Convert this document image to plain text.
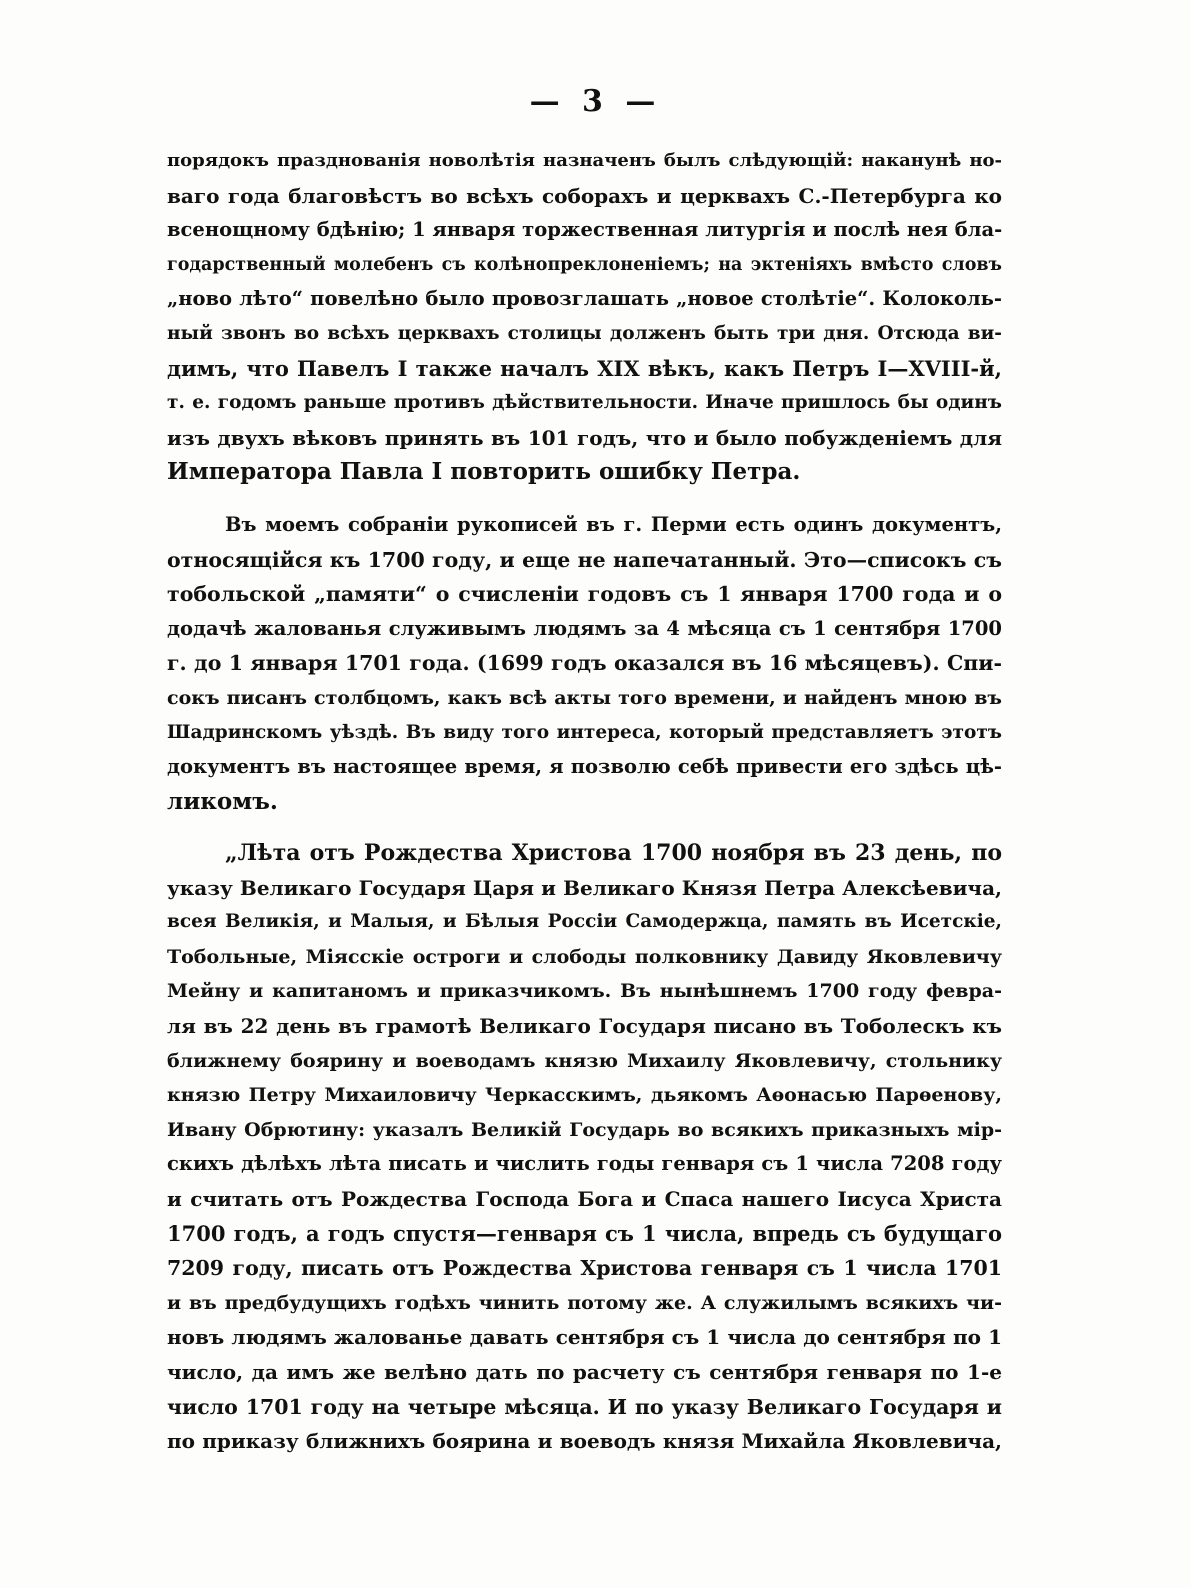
— 3 —
порядокъ празднованія новолѣтія назначенъ былъ слѣдующій: наканунѣ но-
ваго года благовѣстъ во всѣхъ соборахъ и церквахъ С.-Петербурга ко
всенощному бдѣнію; 1 января торжественная литургія и послѣ нея бла-
годарственный молебенъ съ колѣнопреклоненіемъ; на эктеніяхъ вмѣсто словъ
„ново лѣто“ повелѣно было провозглашать „новое столѣтіе“. Колоколь-
ный звонъ во всѣхъ церквахъ столицы долженъ быть три дня. Отсюда ви-
димъ, что Павелъ I также началъ XIX вѣкъ, какъ Петръ I—XVIII-й,
т. е. годомъ раньше противъ дѣйствительности. Иначе пришлось бы одинъ
изъ двухъ вѣковъ принять въ 101 годъ, что и было побужденіемъ для
Императора Павла I повторить ошибку Петра.
Въ моемъ собраніи рукописей въ г. Перми есть одинъ документъ,
относящійся къ 1700 году, и еще не напечатанный. Это—списокъ съ
тобольской „памяти“ о счисленіи годовъ съ 1 января 1700 года и о
додачѣ жалованья служивымъ людямъ за 4 мѣсяца съ 1 сентября 1700
г. до 1 января 1701 года. (1699 годъ оказался въ 16 мѣсяцевъ). Спи-
сокъ писанъ столбцомъ, какъ всѣ акты того времени, и найденъ мною въ
Шадринскомъ уѣздѣ. Въ виду того интереса, который представляетъ этотъ
документъ въ настоящее время, я позволю себѣ привести его здѣсь цѣ-
ликомъ.
„Лѣта отъ Рождества Христова 1700 ноября въ 23 день, по
указу Великаго Государя Царя и Великаго Князя Петра Алексѣевича,
всея Великія, и Малыя, и Бѣлыя Россіи Самодержца, память въ Исетскіе,
Тобольные, Міясскіе остроги и слободы полковнику Давиду Яковлевичу
Мейну и капитаномъ и приказчикомъ. Въ нынѣшнемъ 1700 году февра-
ля въ 22 день въ грамотѣ Великаго Государя писано въ Тоболескъ къ
ближнему боярину и воеводамъ князю Михаилу Яковлевичу, стольнику
князю Петру Михаиловичу Черкасскимъ, дьякомъ Аѳонасью Парѳенову,
Ивану Обрютину: указалъ Великій Государь во всякихъ приказныхъ мір-
скихъ дѣлѣхъ лѣта писать и числить годы генваря съ 1 числа 7208 году
и считать отъ Рождества Господа Бога и Спаса нашего Іисуса Христа
1700 годъ, а годъ спустя—генваря съ 1 числа, впредь съ будущаго
7209 году, писать отъ Рождества Христова генваря съ 1 числа 1701
и въ предбудущихъ годѣхъ чинить потому же. А служилымъ всякихъ чи-
новъ людямъ жалованье давать сентября съ 1 числа до сентября по 1
число, да имъ же велѣно дать по расчету съ сентября генваря по 1-е
число 1701 году на четыре мѣсяца. И по указу Великаго Государя и
по приказу ближнихъ боярина и воеводъ князя Михайла Яковлевича,
